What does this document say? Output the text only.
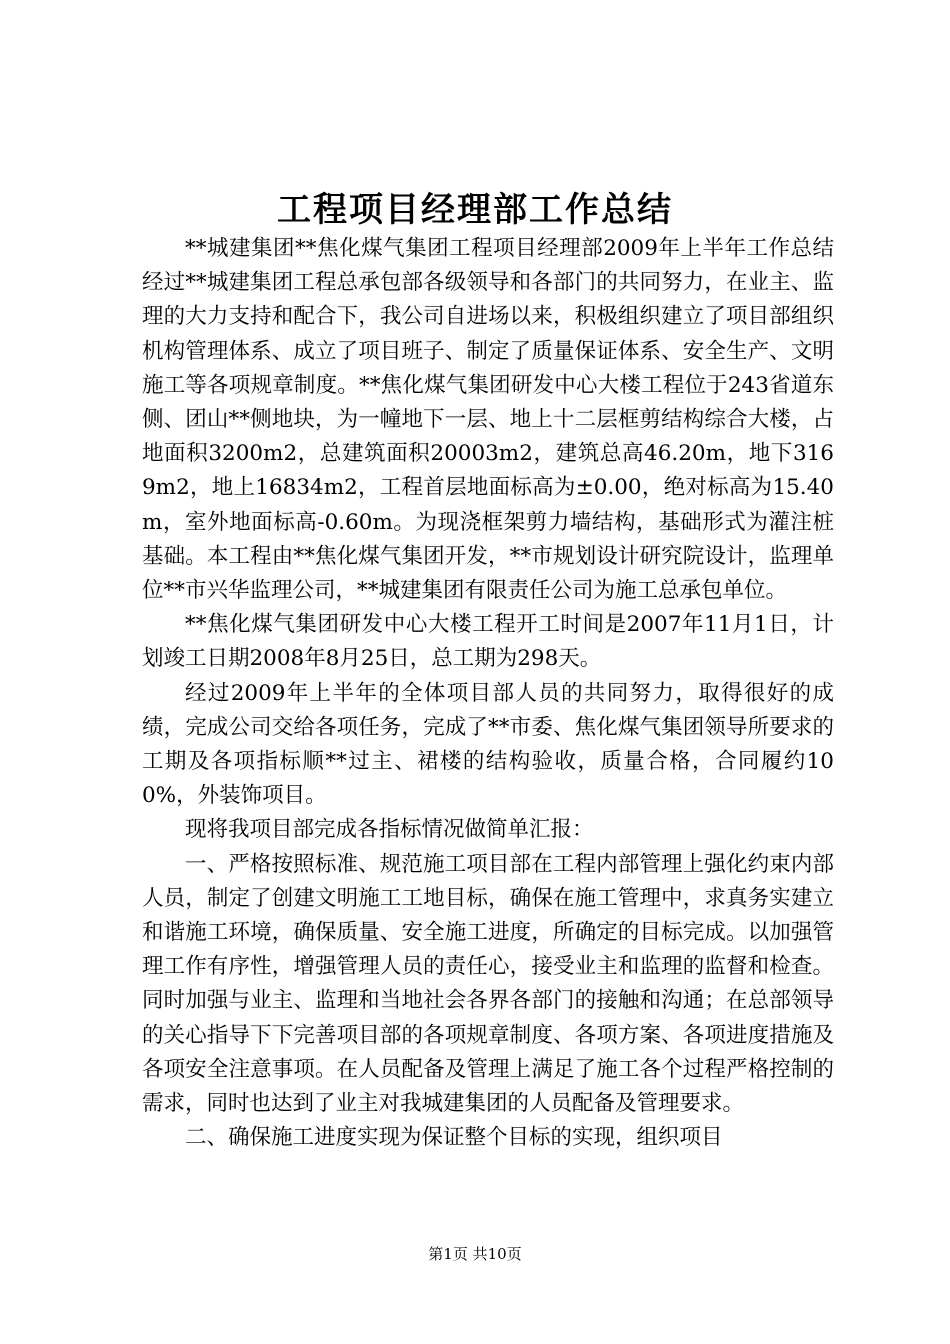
工程项目经理部工作总结

**城建集团**焦化煤气集团工程项目经理部2009年上半年工作总结经过**城建集团工程总承包部各级领导和各部门的共同努力，在业主、监理的大力支持和配合下，我公司自进场以来，积极组织建立了项目部组织机构管理体系、成立了项目班子、制定了质量保证体系、安全生产、文明施工等各项规章制度。**焦化煤气集团研发中心大楼工程位于243省道东侧、团山**侧地块，为一幢地下一层、地上十二层框剪结构综合大楼，占地面积3200m2，总建筑面积20003m2，建筑总高46.20m，地下3169m2，地上16834m2，工程首层地面标高为±0.00，绝对标高为15.40m，室外地面标高-0.60m。为现浇框架剪力墙结构，基础形式为灌注桩基础。本工程由**焦化煤气集团开发，**市规划设计研究院设计，监理单位**市兴华监理公司，**城建集团有限责任公司为施工总承包单位。

**焦化煤气集团研发中心大楼工程开工时间是2007年11月1日，计划竣工日期2008年8月25日，总工期为298天。

经过2009年上半年的全体项目部人员的共同努力，取得很好的成绩，完成公司交给各项任务，完成了**市委、焦化煤气集团领导所要求的工期及各项指标顺**过主、裙楼的结构验收，质量合格，合同履约100%，外装饰项目。

现将我项目部完成各指标情况做简单汇报：

一、严格按照标准、规范施工项目部在工程内部管理上强化约束内部人员，制定了创建文明施工工地目标，确保在施工管理中，求真务实建立和谐施工环境，确保质量、安全施工进度，所确定的目标完成。以加强管理工作有序性，增强管理人员的责任心，接受业主和监理的监督和检查。同时加强与业主、监理和当地社会各界各部门的接触和沟通；在总部领导的关心指导下下完善项目部的各项规章制度、各项方案、各项进度措施及各项安全注意事项。在人员配备及管理上满足了施工各个过程严格控制的需求，同时也达到了业主对我城建集团的人员配备及管理要求。

二、确保施工进度实现为保证整个目标的实现，组织项目

第1页 共10页
